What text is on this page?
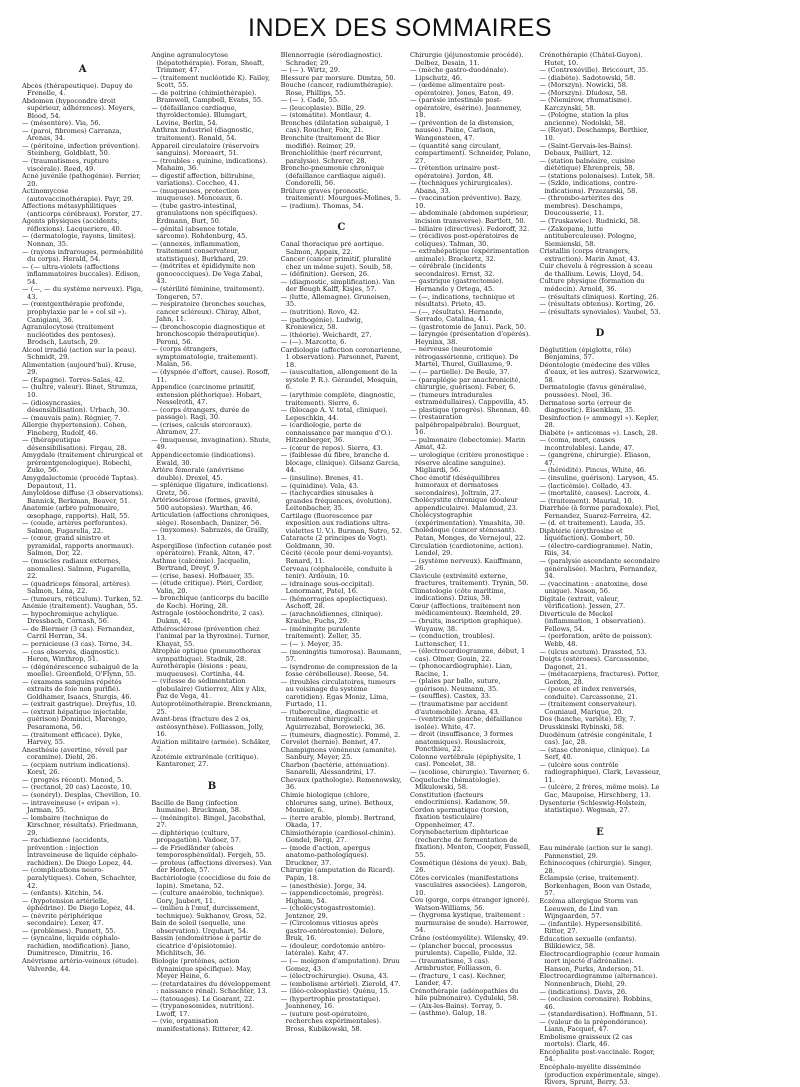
INDEX DES SOMMAIRES
A
Abcès (thérapeutique). Dupuy de Frenelle, 4.
Abdomen (hypocondre droit supérieur, adhérences). Meyers, Blood, 54.
— (mésentère). Via, 56.
— (paroi, fibromes) Carranza, Arenas, 34.
— (péritoine, infection prévention). Steinberg, Goldblatt, 50.
— (traumatismes, rupture viscérale). Reed, 49.
Acné juvénile (pathogénie). Ferrier, 20.
Actinomycose (autovaccinothérapie). Payr, 29.
Affections métasyphilitiques (anticorps cérébraux). Forster, 27.
Agents physiques (accidents, réflexions). Lacqueriere, 40.
— (dermatologie, rayons, limites). Nonnan, 35.
— (rayons infrarouges, perméabilité du corps). Herald, 54.
— (— ultra-violets (affections inflammatoires buccales). Edison, 54.
— (—, — du système nerveux). Piga, 43.
— (rœntgenthérapie profonde, prophylaxie par le « col sil »). Canigiani, 36.
Agranulocytose (traitement nucléotides des pentoses). Brodsch, Lautsch, 29.
Alcool irradié (action sur la peau). Schmidt, 29.
Alimentation (aujourd'hui). Kruse, 29.
— (Espagne). Torres-Salas, 42.
— (huître, valeur). Binet, Strumza, 10.
— (idiosyncrasies, désensibilisation). Urbach, 30.
— (mauvais pain). Régnier, 7.
Allergie (hypertension). Cohen, Fineberg, Rudolf, 46.
— (thérapeutique désensibilisation). Firgau, 28.
Amygdale (traitement chirurgical et prérœntgenologique). Robechi, Zuko, 56.
Amygdalectomie (procédé Taptas). Depautout, 11.
Amyloïdose diffuse (3 observations). Bannick, Berkman, Beaver, 51.
Anatomie (arbre pulmonaire, œsophage, rapports). Hall, 55.
— (coude, artères perforantes). Salmon, Fugarella, 22.
— (cœur, grand sinistre et pyramidal, rapports anormaux). Salmon, Dor, 22.
— (muscles radiaux externes, anomalies). Salmon, Fugarella, 22.
— (quadriceps fémoral, artères). Salmon, Léna, 22.
— (tumeurs, réticulum). Turken, 52.
Anémie (traitement). Vaughan, 55.
— hypochromique achylique. Dressbach, Cornash, 56.
— de Biermer (3 cas). Fernandez, Carril Herran, 34.
— pernicieuse (3 cas). Torne, 34.
— (cas observés, diagnostic). Heron, Winthrop, 51.
— (dégénérescence subaiguë de la moelle). Greenfield, O'Flynn, 55.
— (examens sanguins répétés extraits de foie non purifié). Goldhamer, Isaacs, Sturgis, 46.
— (extrait gastrique). Dreyfus, 10.
— (extrait hépatique injectable, guérison) Dominici, Marengo, Pesaramona, 56.
— (traitement efficace). Dyke, Harvey, 55.
Anesthésie (avertine, réveil par coramine). Diehl, 26.
— (ecpiam nutrium indications). Korst, 26.
— (progrès récent). Monod, 5.
— (rectanol, 20 cas) Lacoste, 10.
— (sonéryl). Desplas, Chevillon, 10.
— intraveineuse (« evipan »). Jarman, 55.
— lombaire (technique de Kirschner, résultats). Friedmann, 29.
— rachidienne (accidents, prévention : injection intraveineuse de liquide céphalo-rachidien). De Diego Lopez, 44.
— (complications neuro-paralytiques). Cohen, Schachter, 42.
— (enfants). Kitchin, 54.
— (hypotension artérielle, éphédrine). De Diego Lopez, 44.
— (névrite périphérique secondaire). Lexer, 47.
— (problèmes). Pannett, 55.
— (syncaïne, liquide céphalo-rachidien, modification). Jiano, Dumitresco, Dimitriu, 16.
Anévrisme artério-veineux (étude). Valverde, 44.
Angine agranulocytose (hépatothérapie). Foran, Sheaft, Trimmer, 47.
— (traitement nucléotide K). Failey, Scott, 55.
— de poitrine (chimiothérapie). Bramwell, Campbell, Evans, 55.
— (défaillance cardiaque, thyroïdectomie). Blumgart, Levine, Berlin, 54.
Anthrax industriel (diagnostic, traitement). Ronald, 54.
Appareil circulatoire (réservoirs sanguins). Moreaert, 51.
— (troubles : quinine, indications). Mahaim, 36.
— digestif affection, bilirubine, variations). Coccheo, 41.
— (muqueuses, protection muqueuse). Monceaux, 6.
— (tube gastro-intestinal, granulations non spécifiques). Erdmann, Burt, 50.
— génital (absence totale, sarcome). Rohdenburg, 45.
— (annexes, inflammation, traitement conservateur, statistiques). Burkhard, 29.
— (métrites et épididymite non gonococciques). De Vega Zabal, 43.
— (stérilité féminine, traitement). Tongeren, 57.
— respiratoire (bronches souches, cancer scléreux). Chiray, Albot, Jahn, 11.
— (bronchoscopie diagnostique et bronchoscopie thérapeutique). Peroni, 56.
— (corps étrangers, symptomatologie, traitement). Malan, 56.
— (dyspnée d'effort, cause). Rosoff, 11.
Appendice (carcinome primitif, extension pléthorique). Hobart, Nesselroth, 47.
— (corps étrangers, durée de passage). Ragi, 30.
— (crises, calculs stercoraux). Abramov, 27.
— (muqueuse, invagination). Shute, 49.
Appendicectomie (indications). Ewald, 30.
Artère fémorale (anévrisme double). Drexel, 45.
— splénique (ligature, indications). Gretz, 56.
Artériosclérose (formes, gravité, 500 autopsies). Warthan, 46.
Articulation (affections chroniques, siège). Rosenbach, Danizer, 56.
— (myxomes). Sabrazès, de Grailly, 13.
Aspergillose (infection cutanée post opératoire). Frank, Alton, 47.
Asthme (calcémie). Jacquelin, Bertrand, Dreyf, 9.
— (crise, bases). Hofbauer, 35.
— (étude critique). Piéri, Cordier, Valin, 20.
— bronchique (anticorps du bacille de Koch). Horing, 28.
Astragale (ostéochondrite, 2 cas). Duknn, 41.
Athérosclérose (prévention chez l'animal par la thyroxine). Turner, Khayat, 55.
Atrophie optique (pneumothorax sympathique). Stadnik, 28.
Aurothérapie (lésions : peau, muqueuses). Cortinha, 44.
— (vitesse de sédimentation globulaire) Gutierrez, Alix y Alix, Paz de Vega, 41.
Autoprotéinothérapie. Brenckmann, 25.
Avant-bras (fracture des 2 os, ostéosynthèse). Folliasson, Jolly, 16.
Aviation militaire (armée). Schäker, 2.
Azotémie extrarénale (critique). Kantaroner, 27.
B
Bacille de Bang (infection humaine). Bruckman, 58.
— (méningite). Bingel, Jacobsthal, 27.
— diphtérique (culture, propagation). Vadoer, 57.
— de Friedländer (abcès temporosphénoïdal). Fergeh, 55.
— proteus (affections diverses). Van der Horden, 57.
Bactériologie (coccidiose du foie de lapin). Smetana, 52.
— (culture anaérobie, technique). Gory, Jaubert, 11.
— (milieu à l'œuf, durcissement, technique). Sukhanov, Gross, 52.
Bain de soleil (sequelle, une observation). Urquhart, 54.
Bassin (endométriose à partir de cicatrice d'épisiotomie). Michlitsch, 36.
Biologie (protéines, action dynamique spécifique). May, Meyer Heine, 6.
— (retardataires du développement : naissance rénal). Schachter, 13.
— (tatouages). Le Goarant, 22.
— (trypanosomides, nutrition). Lwoff, 17.
— (vie, organisation manifestations). Ritterer, 42.
Blennorragie (sérodiagnostic). Schrader, 29.
— (— ). Wirtz, 29.
Blessure par morsure. Dimtza, 50.
Bouche (cancer, radiumthérapie). Rose, Phillips, 55.
— (— ). Cade, 55.
— (leucoplasie). Bille, 29.
— (stomatite). Montlaur, 4.
Bronches (dilatation subaiguë, 1 cas). Roucher, Foix, 21.
Bronchite (traitement de Bier modifié). Reimer, 29.
Bronchiolithie (nerf récurrent, paralysie). Schrerer, 28.
Broncho-pneumonie chronique (défaillance cardiaque aiguë). Condorelli, 56.
Brûlure graves (pronostic, traitement). Mourgues-Molines, 5.
— (radium). Thomas, 54.
C
Canal thoracique pré aortique. Salmon, Appaix, 22.
Cancer (cancer primitif, pluralité chez un même sujet). Souib, 58.
— (définition). Gerson, 26.
— (diagnostic, simplification). Van der Beugh Kalff, Kisjes, 57.
— (lutte, Allemagne). Gruneisen, 35.
— (nutrition). Rovo, 42.
— (pathogénie). Ludwig, Kroniewicz, 58.
— (théorie). Weichardt, 27.
— (—). Marcotte, 6.
Cardiologie (affection coronarienne, 1 observation). Parsonnet, Parent, 18.
— (auscultation, allongement de la systole P. R.). Géraudel, Mosquin, 6.
— (arythmie complète, diagnostic, traitement). Sierre, 6.
— (blocage A. V. total, clinique). Lepeschkin, 44.
— (cardiologie, perte de connaissance par manque d'O.). Hitzenberger, 36.
— (cœur de repos). Sierra, 43.
— (faiblesse du fibre, branche d. blocage, clinique). Gilsanz Garcia, 44.
— (insuline). Brenes, 41.
— (quinidine). Vela, 43.
— (tachycardies sinusales à grandes fréquences, évolution). Leitenbacher, 35.
Cartilage (fluorescence par exposition aux radiations ultra-violettes U. V.). Burman, Sutro, 52.
Cataracte (2 principes de Vogt). Goldmann, 30.
Cécité (école pour demi-voyants). Renard, 11.
Cerveau (céphalocèle, conduite à tenir). Ardouin, 10.
— (drainage sous-occipital). Lenormant, Patel, 16.
— (hémorragies apoplectiques). Aschoff, 28.
— (arachnoïdiennes, clinique). Kraube, Fuchs, 29.
— (méningite purulente traitement). Zeller, 35.
— (— ). Meyer, 35.
— (meningitis tumorosa). Baumann, 57.
— (syndrome de compression de la fosse cérébelleuse). Reese, 54.
— (troubles circulatoires, tumeurs au voisinage du système carotidien). Egas Moniz, Lima, Furtado, 11.
— (tuberculine, diagnostic et traitement chirurgical). Aguirrezabal, Borowiecki, 36.
— (tumeurs, diagnostic). Pommé, 2.
Cervelet (hernie). Bennet, 47.
Champignons vénéneux (amanite). Sanbury, Meyer, 25.
Charbon (bactérie, atténuation). Sanarelli, Alessandrini, 17.
Chevaux (pathologie). Remenowsky, 36.
Chimie biologique (chlore, chlorures sang, urine). Bethoux, Mounier, 6.
— (terre arable, plomb). Bertrand, Okada, 17.
Chimiothérapie (cardiosol-chinin). Gondel, Bèrgi, 27.
— (mode d'action, apergus anatomo-pathologiques). Druckner, 37.
Chirurgie (amputation de Ricard). Papin, 18.
— (anesthésie). Jorge, 34.
— (appendicectomie, progrès). Higham, 54.
— (cholécystogastrostomie). Jentzner, 29.
— (Circolomus vitiosus après gastro-entérostomie). Delore, Bruk, 16.
— (douleur, cordotomie antéro-latérale). Kahr, 47.
— (— moignon d'amputation). Druu Gomez, 43.
— (électrochirurgie). Osuna, 43.
— (embolisme artériel). Zierold, 47.
— (iléo-colooplastie). Quénu, 15.
— (hypertrophie prostatique). Jeanneney, 16.
— (suture post-opératoire, recherches expérimentales). Bross, Kubikowski, 58.
Chirurgie (jéjunostomie procédé). Delbez, Desain, 11.
— (mèche gastro-duodénale). Lipschutz, 46.
— (œdème alimentaire post-opératoire). Jones, Eaton, 49.
— (parésie intestinale post-opératoire, ésérine). Jeanneney, 18.
— (prévention de la distension, nausée). Paine, Carlson, Wangensteen, 47.
— (quantité sang circulant, compartiment). Schneider, Polano, 27.
— (rétention urinaire post-opératoire). Jordon, 48.
— (techniques ychirurgicales). Abana, 33.
— (vaccination préventive). Bazy, 10.
— abdominale (abdomen supérieur, incision transverse). Bartlett, 50.
— biliaire (directives). Fedoroff, 32.
— (récidives post-opératoires de coliques). Talman, 30.
— extrahépatique (expérimentation animale). Brackertz, 32.
— cérébrale (incidents secondaires). Ernst, 32.
— gastrique (gastrectomie). Hernando y Ortega, 45.
— (—, indications, technique et résultats). Prieto, 45.
— (—, résultats). Hernando, Serrado, Catalina, 41.
— (gastrotomie de Janu). Pack, 50.
— laryngée (présentation d'opérés). Heyninx, 38.
— nerveuse (neurotomie rétrogassérienne, critique). De Martel, Thurel, Guillaume, 9.
— (— partielle). De Beule, 37.
— (paraplégie par anachronicité, chirurgie, guérison). Feber, 6.
— (tumeurs intradurales extramédullaires). Cappevilla, 45.
— plastique (progrès). Shennan, 40.
— (restauration palpébropalpébrale). Bourguet, 16.
— pulmonaire (lobectomie). Marin Amat, 42.
— urologique (critère pronostique : réserve alcaline sanguine). Migliardi, 56.
Choc émotif (déséquilibres humoraux et dermatoses secondaires). Joltrain, 27.
Cholécystite chronique (douleur appendiculaire). Malamud, 23.
Cholécystographie (expérimentation). Ymashita, 30.
Cholédoque (cancer sténosant). Patan, Monges, de Vernejoul, 22.
Circulation (cardiotonine, action). Lendel, 29.
— (système nerveux). Kauffmann, 26.
Clavicule (extrémité externe, fractures, traitement). Trynin, 50.
Climatologie (côte maritime, indications). Dzius, 58.
Cœur (affections, traitement non médicamenteux). Rœmheld, 29.
— (bruits, inscription graphique). Wuyauw, 38.
— (conduction, troubles). Luttenscher, 11.
— (électrocardiogramme, début, 1 cas). Olmer, Gouin, 22.
— (phonocardiographie). Lian, Racine, 1.
— (plaies par balle, suture, guérison). Neumann, 35.
— (souffles). Castex, 33.
— (traumatisme par accident d'automobile). Arana, 43.
— (ventricule gauche, défaillance isolée). White, 47.
— droit (insuffisance, 3 formes anatomiques). Rouslacroix, Poncthieu, 22.
Colonne vertébrale (épiphysite, 1 cas). Poncelet, 38.
— (scoliose, chirurgie). Taverner, 6.
Coqueluche (hématologie). Mikulowski, 58.
Constitution (facteurs endocriniens). Kadanow, 59.
Cordon spermatique (torsion, fixation testiculaire) Oppenheimer, 47.
Corynebacterium diphtericae (recherche de fermentation de fixation). Menton, Cooper, Fussell, 55.
Cosmétique (lésions de yeux). Bab, 26.
Côtes cervicales (manifestations vasculaires associées). Langeron, 10.
Cou (gorge, corps étranger ignoré). Watson-Williams, 56.
— (hygroma kystique, traitement : murmuraise de soude). Harrower, 54.
Crâne (ostéomyélite). Wilensky, 49.
— (plancher buccal, processus purulents). Capelle, Fulde, 32.
— (traumatisme, 3 cas). Armbruster, Folliasson, 6.
— (fracture, 1 cas). Kechner, Lander, 47.
Crénothérapie (adénopathies du hile pulmonaire). Cyduleki, 58.
— (Aix-les-Bains). Terray, 5.
— (asthme). Galup, 18.
Crénothérapie (Châtel-Guyon). Hutet, 10.
— (Contrexéville). Briccourt, 35.
— (diabète). Sadotowski, 58.
— (Morszyn). Nowicki, 58.
— (Morszyn). Dludosz, 58.
— (Niemirow, rhumatisme). Karczynski, 58.
— (Pologne, station la plus ancienne). Nodolski, 58.
— (Royat). Deschamps, Berthier, 10.
— (Saint-Gervais-les-Bains). Debaux, Paillart, 12.
— (station balnéaire, cuisine diététique) Ehrenpreis, 58.
— (stations polonaises). Lutek, 58.
— (Szklo, indications, contre-indications). Przezarski, 58.
— (thrombo-artérites des membres). Deschamps, Doucousserie, 11.
— (Truskawiec). Rudnicki, 58.
— (Zakopane, lutte antituberculeuse). Pologne, Siemienski, 58.
Cristallin (corps étrangers, extraction). Marin Amat, 43.
Cuir chevelu à régression à sceau de thallium. Lewis, Lloyd, 54.
Culture physique (formation du médecin). Arnold, 36.
— (résultats cliniques). Korting, 26.
— (résultats obtenus). Korting, 26.
— (résultats synoviales). Vaubel, 53.
D
Déglutition (épiglotte, rôle) Benjamins, 57.
Déontologie (médecine des villes d'eaux, et les autres). Szarwowicz, 58.
Dermatologie (favus généralisé, poussées). Noel, 36.
Dermatose sorte (erreur de diagnostic). Eisenklam, 35.
Desinfection (« ammogyl »). Kepler, 28.
Diabète (« anticomas »). Lasch, 28.
— (coma, mort, causes incontrolables). Lande, 47.
— (gangrène, chirurgie). Eliason, 47.
— (hérédité). Pincus, White, 46.
— (insuline, guérison). Laryson, 45.
— (lacticémie). Collado, 43.
— (mortalité, causes). Lacroix, 4.
— (traitement). Maurial, 10.
Diarrhée (à forme paradoxale). Piel, Fernandez, Suarez-Ferreira, 42.
— (d. et traitement). Lauda, 35.
Diphtérie (érythrosine et liquéfaction). Gombert, 50.
— (électro-cardiogramme). Natin, Riis, 34.
— (paralysie ascendante secondaire généralisée). Machra, Fernandez, 34.
— (vaccination : anatoxine, dose unique). Nason, 56.
Digitale (extrait, valeur, vérification). Jessen, 27.
Diverticule de Meckel (inflammation, 1 observation). Fellows, 54.
— (perforation, arête de poisson). Webb, 48.
— (ulcus acutum). Drassted, 53.
Doigts (ostéroses). Carcassonne, Dagonet, 21.
— (métacarpiens, fractures). Potter, Gordon, 28.
— (pouce et index renversés, conduite). Carcassonne, 21.
— (traitement conservateur). Couniaud, Marique, 20.
Dos (hanche, variété). Ely, 7.
Drusskinski Rybinski, 58.
Duodénum (atrésie congénitale, 1 cas). Jac, 28.
— (stase chronique, clinique). Le Serf, 40.
— (ulcère sous contrôle radiographique). Clark, Levasseur, 11.
— (ulcère, 2 frères, même mois). Le Gac, Maupoise, Hirschberg, 13.
Dysenterie (Schleswig-Holstein, statistique). Wegman, 27.
E
Eau minérale (action sur le sang). Pannenstiel, 29.
Échinocoques (chirurgie). Singer, 28.
Éclampsie (crise, traitement). Borkenhagen, Boon van Ostade, 57.
Eczéma allergique Storm van Leeuwen, de Lind van Wijngaarden, 57.
— (infantile). Hypersensibilité. Ritter, 27.
Éducation sexuelle (enfants). Bilikiewicz, 58.
Électrocardiographie (cœur humain mort injecté d'adrénaline). Hanson, Purks, Anderson, 51.
Électrocardiogramme (alternance). Nonnenbruch, Diehl, 29.
— (indications). Davis, 26.
— (occlusion coronaire). Robbins, 46.
— (standardisation). Hoffmann, 51.
— (valeur de la prépondérance). Liann, Facquet, 47.
Embolisme graisseux (2 cas mortels). Clark, 46.
Encéphalite post-vaccinale. Roger, 54.
Encéphalo-myélite disséminée (production expérimentale, singe). Rivers, Sprunt, Berry, 53.
